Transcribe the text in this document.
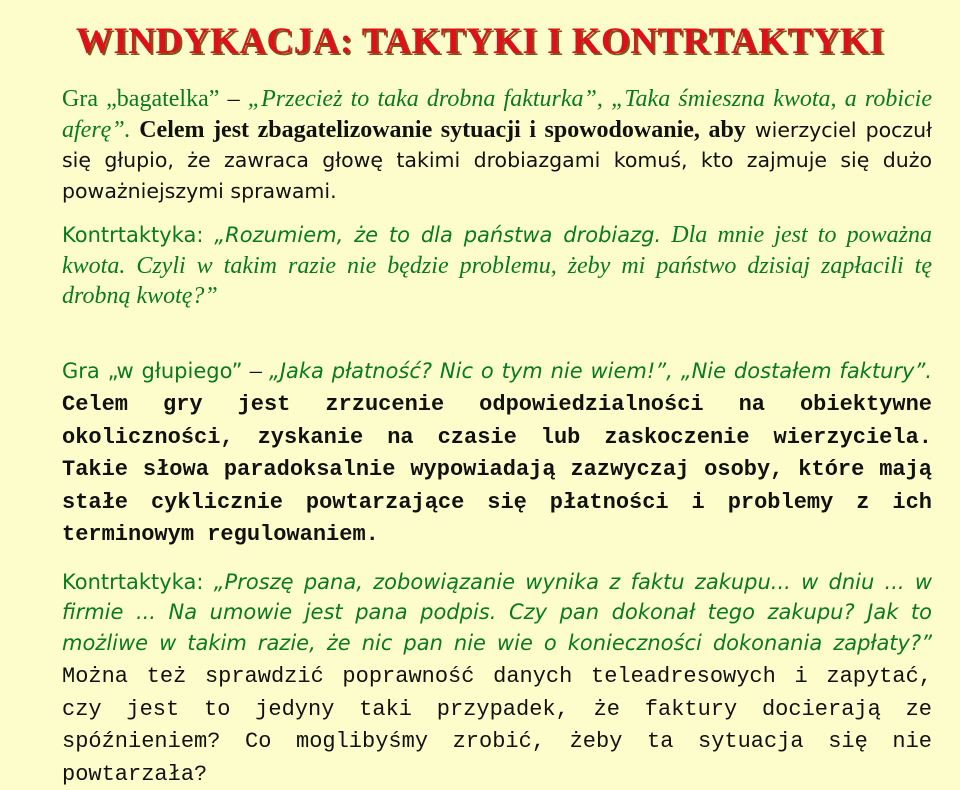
WINDYKACJA: TAKTYKI I KONTRTAKTYKI

Gra „bagatelka” – „Przecież to taka drobna fakturka”, „Taka śmieszna kwota, a robicie aferę”. Celem jest zbagatelizowanie sytuacji i spowodowanie, aby wierzyciel poczuł się głupio, że zawraca głowę takimi drobiazgami komuś, kto zajmuje się dużo poważniejszymi sprawami.

Kontrtaktyka: „Rozumiem, że to dla państwa drobiazg. Dla mnie jest to poważna kwota. Czyli w takim razie nie będzie problemu, żeby mi państwo dzisiaj zapłacili tę drobną kwotę?”

Gra „w głupiego” – „Jaka płatność? Nic o tym nie wiem!”, „Nie dostałem faktury”. Celem gry jest zrzucenie odpowiedzialności na obiektywne okoliczności, zyskanie na czasie lub zaskoczenie wierzyciela. Takie słowa paradoksalnie wypowiadają zazwyczaj osoby, które mają stałe cyklicznie powtarzające się płatności i problemy z ich terminowym regulowaniem.

Kontrtaktyka: „Proszę pana, zobowiązanie wynika z faktu zakupu... w dniu ... w firmie ... Na umowie jest pana podpis. Czy pan dokonał tego zakupu? Jak to możliwe w takim razie, że nic pan nie wie o konieczności dokonania zapłaty?” Można też sprawdzić poprawność danych teleadresowych i zapytać, czy jest to jedyny taki przypadek, że faktury docierają ze spóźnieniem? Co moglibyśmy zrobić, żeby ta sytuacja się nie powtarzała?
